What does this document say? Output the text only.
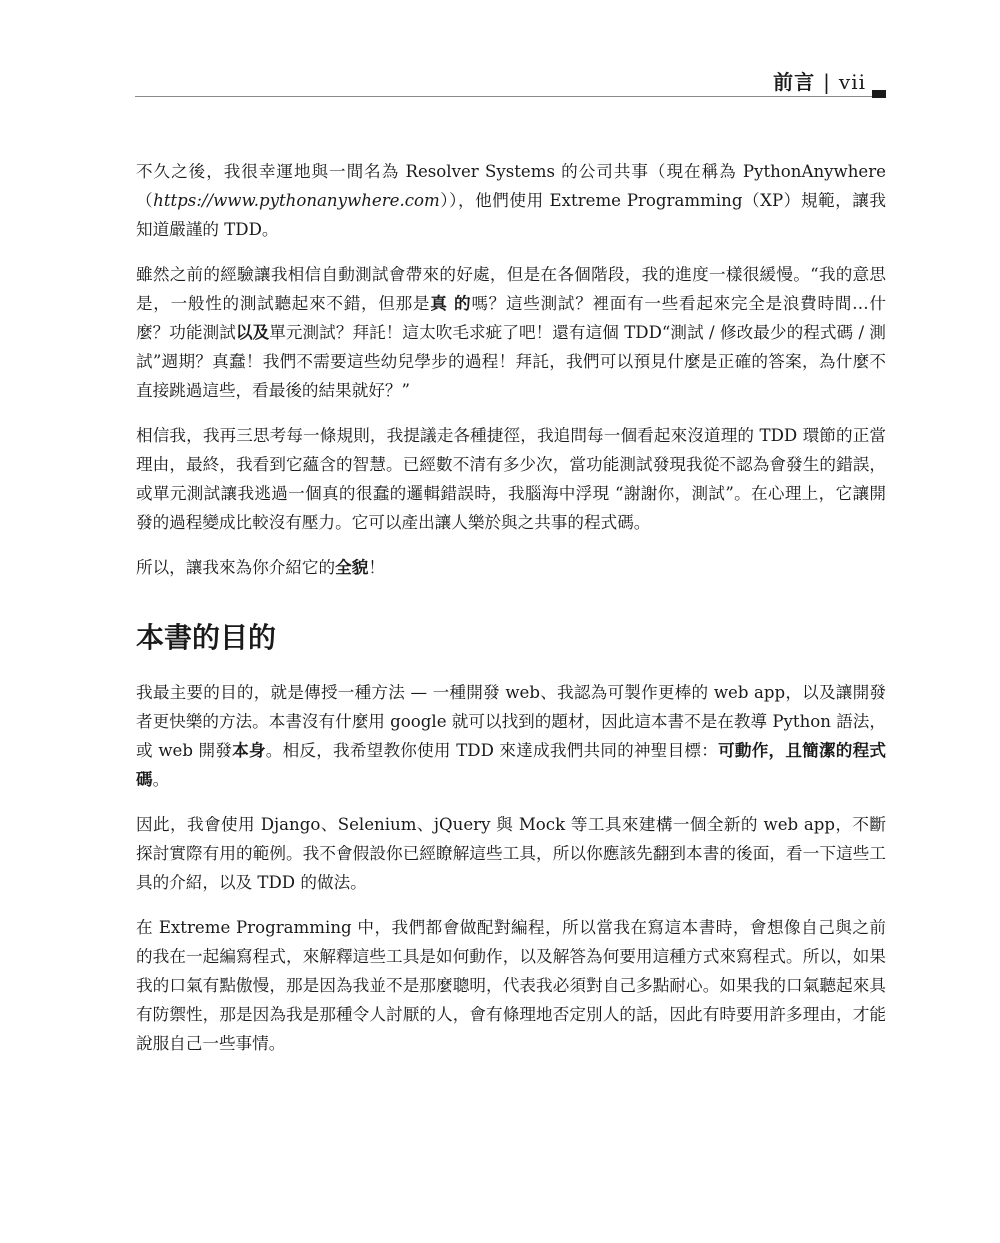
前言 | vii

不久之後，我很幸運地與一間名為 Resolver Systems 的公司共事（現在稱為 PythonAnywhere（https://www.pythonanywhere.com）），他們使用 Extreme Programming（XP）規範，讓我知道嚴謹的 TDD。

雖然之前的經驗讓我相信自動測試會帶來的好處，但是在各個階段，我的進度一樣很緩慢。“我的意思是，一般性的測試聽起來不錯，但那是真 的嗎？這些測試？裡面有一些看起來完全是浪費時間…什麼？功能測試以及單元測試？拜託！這太吹毛求疵了吧！還有這個 TDD“測試 / 修改最少的程式碼 / 測試”週期？真蠢！我們不需要這些幼兒學步的過程！拜託，我們可以預見什麼是正確的答案，為什麼不直接跳過這些，看最後的結果就好？”

相信我，我再三思考每一條規則，我提議走各種捷徑，我追問每一個看起來沒道理的 TDD 環節的正當理由，最終，我看到它蘊含的智慧。已經數不清有多少次，當功能測試發現我從不認為會發生的錯誤，或單元測試讓我逃過一個真的很蠢的邏輯錯誤時，我腦海中浮現 “謝謝你，測試”。在心理上，它讓開發的過程變成比較沒有壓力。它可以產出讓人樂於與之共事的程式碼。

所以，讓我來為你介紹它的全貌！

本書的目的

我最主要的目的，就是傳授一種方法 — 一種開發 web、我認為可製作更棒的 web app，以及讓開發者更快樂的方法。本書沒有什麼用 google 就可以找到的題材，因此這本書不是在教導 Python 語法，或 web 開發本身。相反，我希望教你使用 TDD 來達成我們共同的神聖目標：可動作，且簡潔的程式碼。

因此，我會使用 Django、Selenium、jQuery 與 Mock 等工具來建構一個全新的 web app，不斷探討實際有用的範例。我不會假設你已經瞭解這些工具，所以你應該先翻到本書的後面，看一下這些工具的介紹，以及 TDD 的做法。

在 Extreme Programming 中，我們都會做配對編程，所以當我在寫這本書時，會想像自己與之前的我在一起編寫程式，來解釋這些工具是如何動作，以及解答為何要用這種方式來寫程式。所以，如果我的口氣有點傲慢，那是因為我並不是那麼聰明，代表我必須對自己多點耐心。如果我的口氣聽起來具有防禦性，那是因為我是那種令人討厭的人，會有條理地否定別人的話，因此有時要用許多理由，才能說服自己一些事情。
